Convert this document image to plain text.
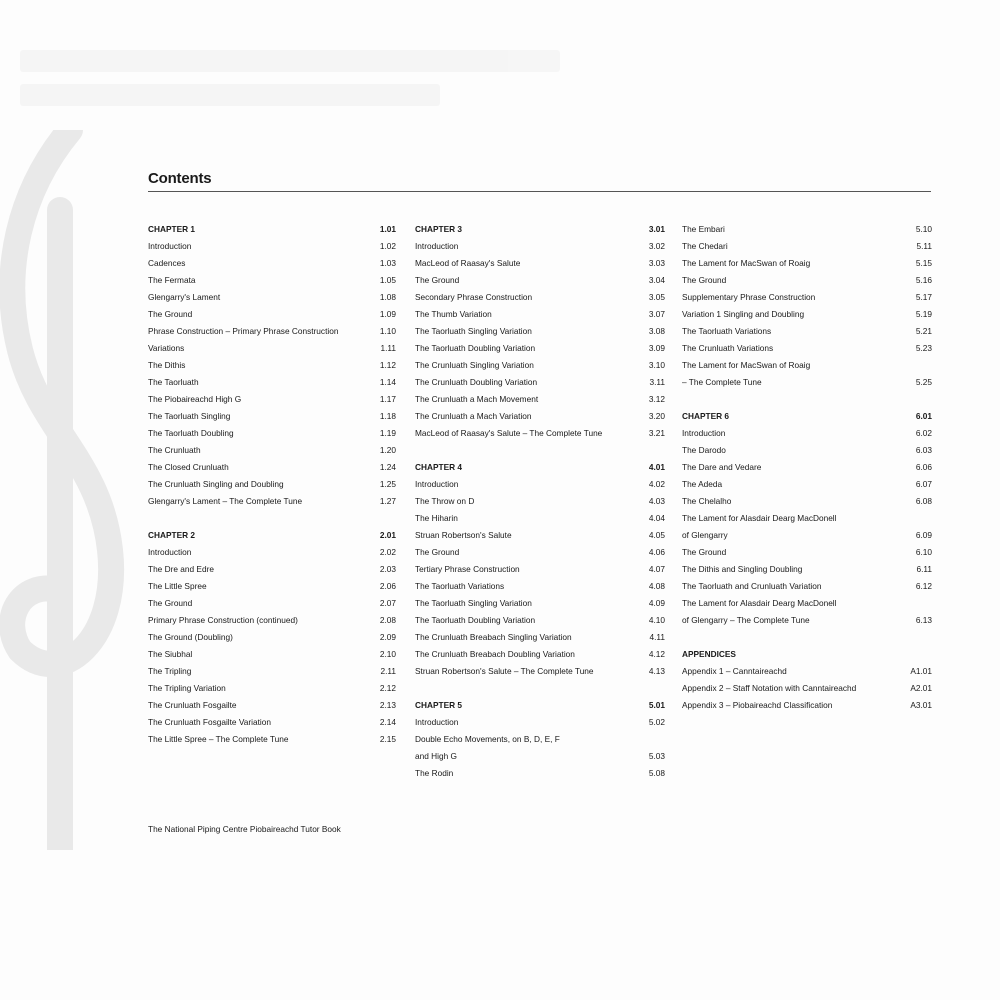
Contents
CHAPTER 1	1.01
Introduction	1.02
Cadences	1.03
The Fermata	1.05
Glengarry's Lament	1.08
The Ground	1.09
Phrase Construction – Primary Phrase Construction	1.10
Variations	1.11
The Dithis	1.12
The Taorluath	1.14
The Piobaireachd High G	1.17
The Taorluath Singling	1.18
The Taorluath Doubling	1.19
The Crunluath	1.20
The Closed Crunluath	1.24
The Crunluath Singling and Doubling	1.25
Glengarry's Lament – The Complete Tune	1.27
CHAPTER 2	2.01
Introduction	2.02
The Dre and Edre	2.03
The Little Spree	2.06
The Ground	2.07
Primary Phrase Construction (continued)	2.08
The Ground (Doubling)	2.09
The Siubhal	2.10
The Tripling	2.11
The Tripling Variation	2.12
The Crunluath Fosgailte	2.13
The Crunluath Fosgailte Variation	2.14
The Little Spree – The Complete Tune	2.15
CHAPTER 3	3.01
Introduction	3.02
MacLeod of Raasay's Salute	3.03
The Ground	3.04
Secondary Phrase Construction	3.05
The Thumb Variation	3.07
The Taorluath Singling Variation	3.08
The Taorluath Doubling Variation	3.09
The Crunluath Singling Variation	3.10
The Crunluath Doubling Variation	3.11
The Crunluath a Mach Movement	3.12
The Crunluath a Mach Variation	3.20
MacLeod of Raasay's Salute – The Complete Tune	3.21
CHAPTER 4	4.01
Introduction	4.02
The Throw on D	4.03
The Hiharin	4.04
Struan Robertson's Salute	4.05
The Ground	4.06
Tertiary Phrase Construction	4.07
The Taorluath Variations	4.08
The Taorluath Singling Variation	4.09
The Taorluath Doubling Variation	4.10
The Crunluath Breabach Singling Variation	4.11
The Crunluath Breabach Doubling Variation	4.12
Struan Robertson's Salute – The Complete Tune	4.13
CHAPTER 5	5.01
Introduction	5.02
Double Echo Movements, on B, D, E, F
and High G	5.03
The Rodin	5.08
The Embari	5.10
The Chedari	5.11
The Lament for MacSwan of Roaig	5.15
The Ground	5.16
Supplementary Phrase Construction	5.17
Variation 1 Singling and Doubling	5.19
The Taorluath Variations	5.21
The Crunluath Variations	5.23
The Lament for MacSwan of Roaig
– The Complete Tune	5.25
CHAPTER 6	6.01
Introduction	6.02
The Darodo	6.03
The Dare and Vedare	6.06
The Adeda	6.07
The Chelalho	6.08
The Lament for Alasdair Dearg MacDonell
of Glengarry	6.09
The Ground	6.10
The Dithis and Singling Doubling	6.11
The Taorluath and Crunluath Variation	6.12
The Lament for Alasdair Dearg MacDonell
of Glengarry – The Complete Tune	6.13
APPENDICES
Appendix 1 – Canntaireachd	A1.01
Appendix 2 – Staff Notation with Canntaireachd	A2.01
Appendix 3 – Piobaireachd Classification	A3.01
The National Piping Centre Piobaireachd Tutor Book
